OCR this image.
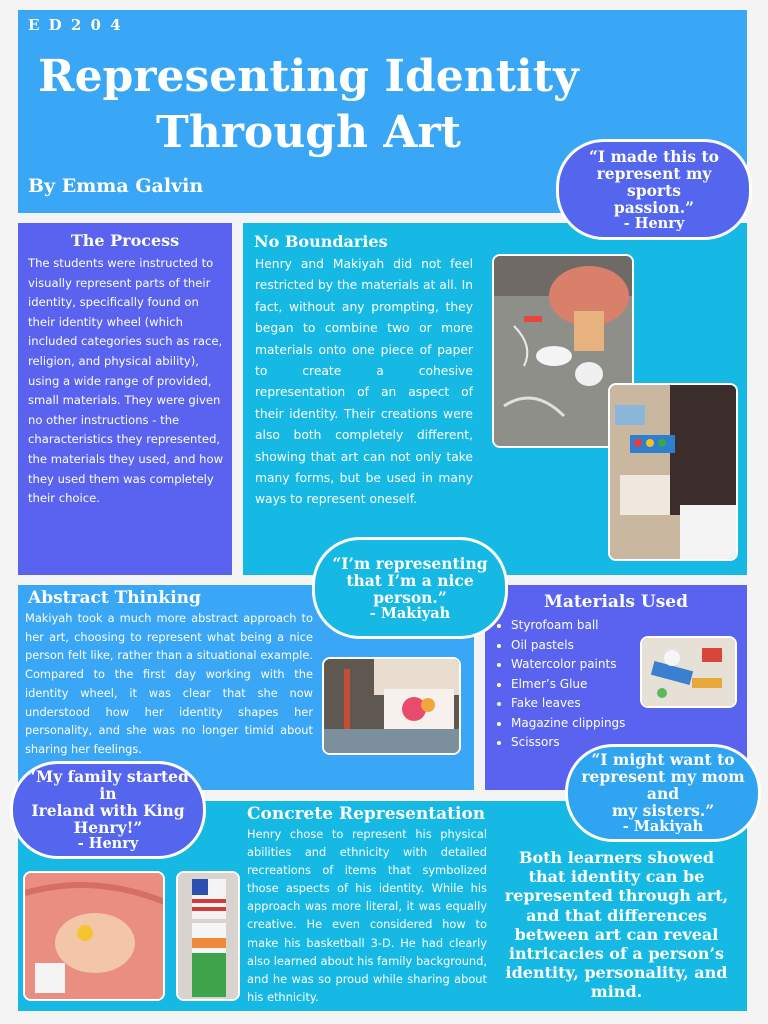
E D 2 0 4
Representing Identity
Through Art
By Emma Galvin
The Process
The students were instructed to visually represent parts of their identity, specifically found on their identity wheel (which included categories such as race, religion, and physical ability), using a wide range of provided, small materials. They were given no other instructions - the characteristics they represented, the materials they used, and how they used them was completely their choice.
No Boundaries
Henry and Makiyah did not feel restricted by the materials at all. In fact, without any prompting, they began to combine two or more materials onto one piece of paper to create a cohesive representation of an aspect of their identity. Their creations were also both completely different, showing that art can not only take many forms, but be used in many ways to represent oneself.
Abstract Thinking
Makiyah took a much more abstract approach to her art, choosing to represent what being a nice person felt like, rather than a situational example. Compared to the first day working with the identity wheel, it was clear that she now understood how her identity shapes her personality, and she was no longer timid about sharing her feelings.
Materials Used
• Styrofoam ball
• Oil pastels
• Watercolor paints
• Elmer’s Glue
• Fake leaves
• Magazine clippings
• Scissors
Concrete Representation
Henry chose to represent his physical abilities and ethnicity with detailed recreations of items that symbolized those aspects of his identity. While his approach was more literal, it was equally creative. He even considered how to make his basketball 3-D. He had clearly also learned about his family background, and he was so proud while sharing about his ethnicity.
Both learners showed that identity can be represented through art, and that differences between art can reveal intricacies of a person’s identity, personality, and mind.
“I made this to
represent my sports
passion.”
- Henry
“I’m representing
that I’m a nice
person.”
- Makiyah
“My family started in
Ireland with King
Henry!”
- Henry
“I might want to
represent my mom and
my sisters.”
- Makiyah
